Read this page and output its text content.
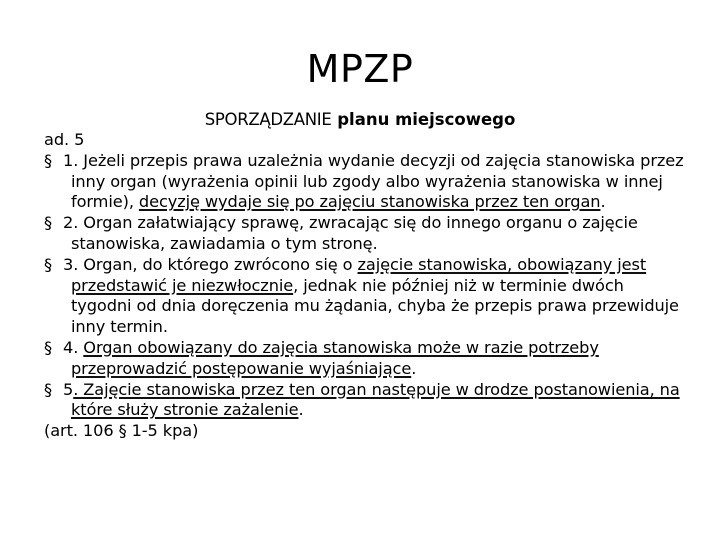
MPZP
SPORZĄDZANIE planu miejscowego

ad. 5

§ 1. Jeżeli przepis prawa uzależnia wydanie decyzji od zajęcia stanowiska przez inny organ (wyrażenia opinii lub zgody albo wyrażenia stanowiska w innej formie), decyzję wydaje się po zajęciu stanowiska przez ten organ.

§ 2. Organ załatwiający sprawę, zwracając się do innego organu o zajęcie stanowiska, zawiadamia o tym stronę.

§ 3. Organ, do którego zwrócono się o zajęcie stanowiska, obowiązany jest przedstawić je niezwłocznie, jednak nie później niż w terminie dwóch tygodni od dnia doręczenia mu żądania, chyba że przepis prawa przewiduje inny termin.

§ 4. Organ obowiązany do zajęcia stanowiska może w razie potrzeby przeprowadzić postępowanie wyjaśniające.

§ 5. Zajęcie stanowiska przez ten organ następuje w drodze postanowienia, na które służy stronie zażalenie.

(art. 106 § 1-5 kpa)
